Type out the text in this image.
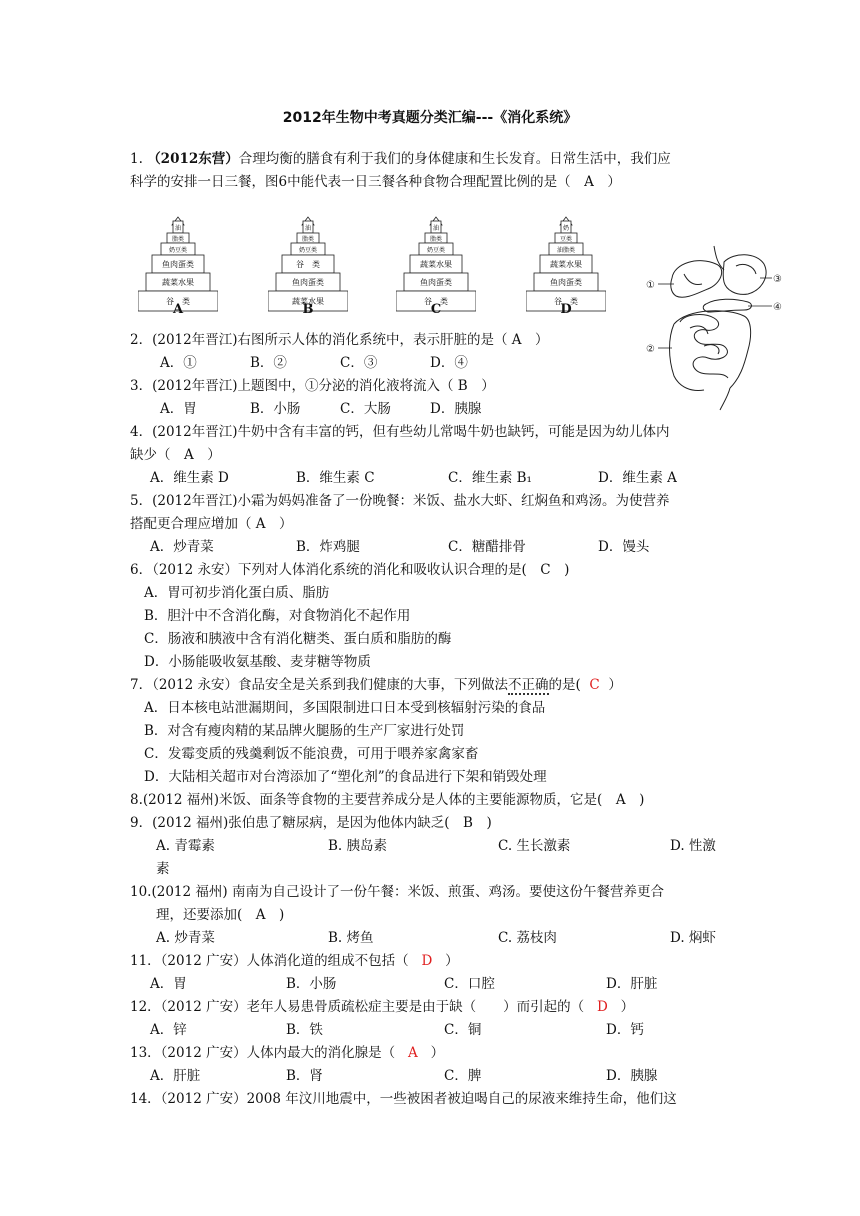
2012年生物中考真题分类汇编---《消化系统》
1. （2012东营）合理均衡的膳食有利于我们的身体健康和生长发育。日常生活中，我们应
科学的安排一日三餐，图6中能代表一日三餐各种食物合理配置比例的是（　A　）
油
脂类
奶豆类
鱼肉蛋类
蔬菜水果
谷　类
A
油
脂类
奶豆类
谷　类
鱼肉蛋类
蔬菜水果
B
油
脂类
奶豆类
蔬菜水果
鱼肉蛋类
谷　类
C
奶
豆类
油脂类
蔬菜水果
鱼肉蛋类
谷　类
D
①
②
③
④
2．(2012年晋江)右图所示人体的消化系统中，表示肝脏的是（ A　）
A．①	B．②	C．③	D．④
3．(2012年晋江)上题图中，①分泌的消化液将流入（ B　）
A．胃	B．小肠	C．大肠	D．胰腺
4．(2012年晋江)牛奶中含有丰富的钙，但有些幼儿常喝牛奶也缺钙，可能是因为幼儿体内
缺少（　A　）
A．维生素 D	B．维生素 C	C．维生素 B₁	D．维生素 A
5．(2012年晋江)小霜为妈妈准备了一份晚餐：米饭、盐水大虾、红焖鱼和鸡汤。为使营养
搭配更合理应增加（ A　）
A．炒青菜	B．炸鸡腿	C．糖醋排骨	D．馒头
6．（2012 永安）下列对人体消化系统的消化和吸收认识合理的是(　C　)
A．胃可初步消化蛋白质、脂肪
B．胆汁中不含消化酶，对食物消化不起作用
C．肠液和胰液中含有消化糖类、蛋白质和脂肪的酶
D．小肠能吸收氨基酸、麦芽糖等物质
7．（2012 永安）食品安全是关系到我们健康的大事，下列做法不正确的是( C ）
A．日本核电站泄漏期间，多国限制进口日本受到核辐射污染的食品
B．对含有瘦肉精的某品牌火腿肠的生产厂家进行处罚
C．发霉变质的残羹剩饭不能浪费，可用于喂养家禽家畜
D．大陆相关超市对台湾添加了“塑化剂”的食品进行下架和销毁处理
8.(2012 福州)米饭、面条等食物的主要营养成分是人体的主要能源物质，它是(　A　)
9．(2012 福州)张伯患了糖尿病，是因为他体内缺乏(　B　)
A. 青霉素	B. 胰岛素	C. 生长激素	D. 性激
素
10.(2012 福州) 南南为自己设计了一份午餐：米饭、煎蛋、鸡汤。要使这份午餐营养更合
理，还要添加(　A　)
A. 炒青菜	B. 烤鱼	C. 荔枝肉	D. 焖虾
11．（2012 广安）人体消化道的组成不包括（ D ）
A．胃	B．小肠	C．口腔	D．肝脏
12．（2012 广安）老年人易患骨质疏松症主要是由于缺（　　）而引起的（ D ）
A．锌	B．铁	C．铜	D．钙
13．（2012 广安）人体内最大的消化腺是（ A ）
A．肝脏	B．肾	C．脾	D．胰腺
14．（2012 广安）2008 年汶川地震中，一些被困者被迫喝自己的尿液来维持生命，他们这
